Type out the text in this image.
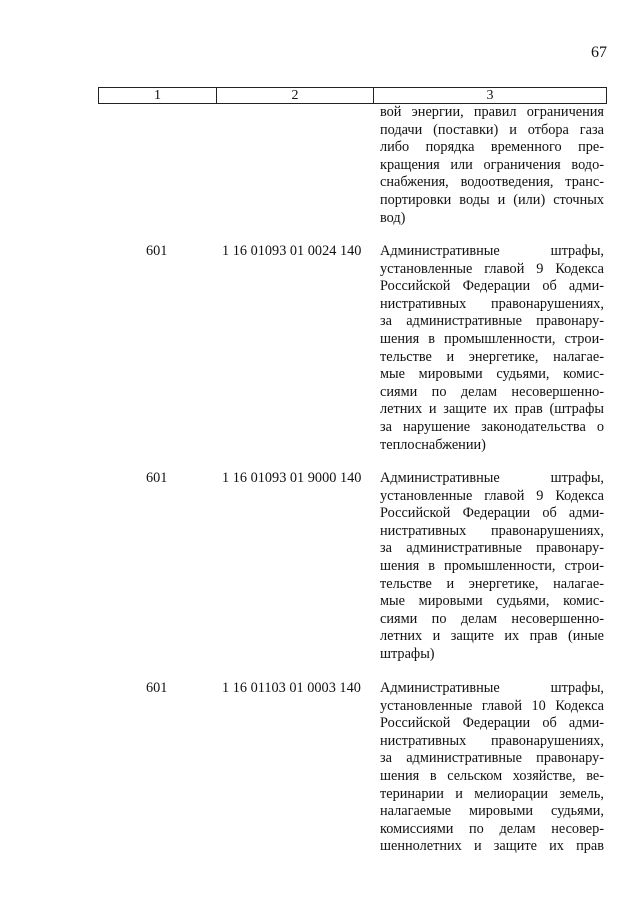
67
1	2	3
вой энергии, правил ограничения
подачи (поставки) и отбора газа
либо порядка временного пре-
кращения или ограничения водо-
снабжения, водоотведения, транс-
портировки воды и (или) сточных
вод)
601	1 16 01093 01 0024 140	Административные штрафы,
установленные главой 9 Кодекса
Российской Федерации об адми-
нистративных правонарушениях,
за административные правонару-
шения в промышленности, строи-
тельстве и энергетике, налагае-
мые мировыми судьями, комис-
сиями по делам несовершенно-
летних и защите их прав (штрафы
за нарушение законодательства о
теплоснабжении)
601	1 16 01093 01 9000 140	Административные штрафы,
установленные главой 9 Кодекса
Российской Федерации об адми-
нистративных правонарушениях,
за административные правонару-
шения в промышленности, строи-
тельстве и энергетике, налагае-
мые мировыми судьями, комис-
сиями по делам несовершенно-
летних и защите их прав (иные
штрафы)
601	1 16 01103 01 0003 140	Административные штрафы,
установленные главой 10 Кодекса
Российской Федерации об адми-
нистративных правонарушениях,
за административные правонару-
шения в сельском хозяйстве, ве-
теринарии и мелиорации земель,
налагаемые мировыми судьями,
комиссиями по делам несовер-
шеннолетних и защите их прав
